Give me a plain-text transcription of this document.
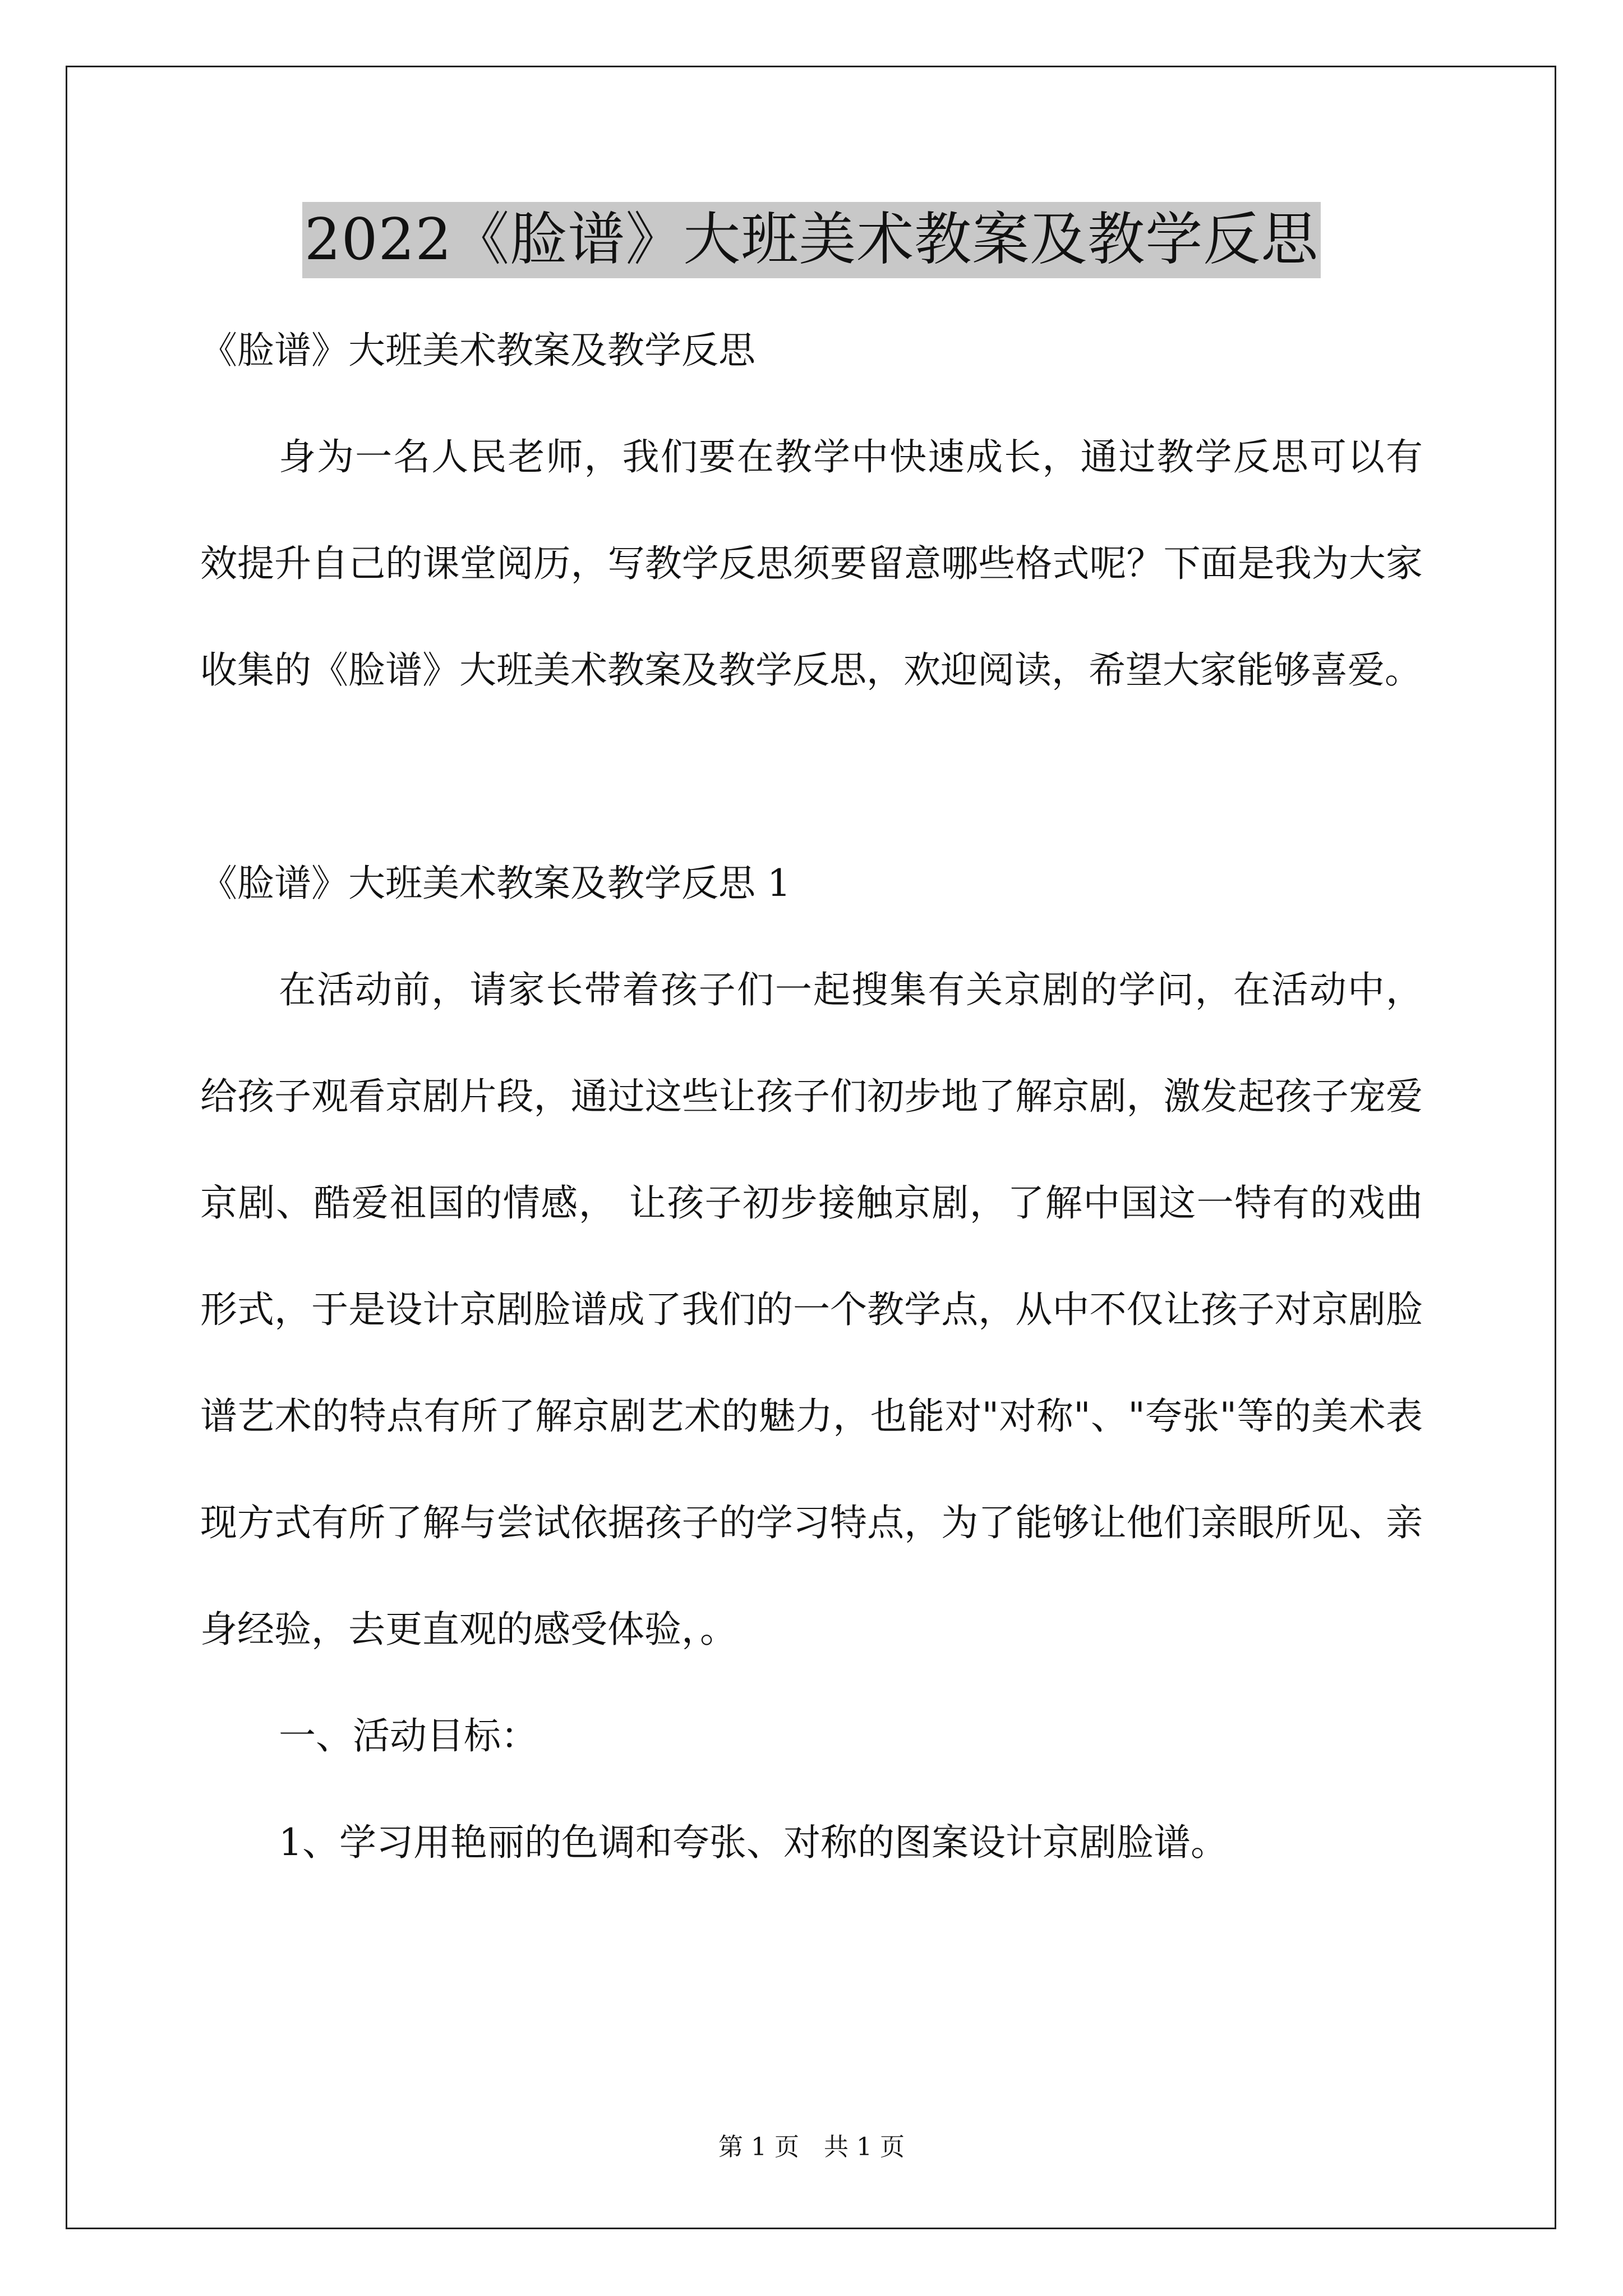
2022《脸谱》大班美术教案及教学反思

《脸谱》大班美术教案及教学反思

身为一名人民老师，我们要在教学中快速成长，通过教学反思可以有效提升自己的课堂阅历，写教学反思须要留意哪些格式呢？下面是我为大家收集的《脸谱》大班美术教案及教学反思，欢迎阅读，希望大家能够喜爱。

《脸谱》大班美术教案及教学反思 1

在活动前，请家长带着孩子们一起搜集有关京剧的学问，在活动中，给孩子观看京剧片段，通过这些让孩子们初步地了解京剧，激发起孩子宠爱京剧、酷爱祖国的情感， 让孩子初步接触京剧，了解中国这一特有的戏曲形式，于是设计京剧脸谱成了我们的一个教学点，从中不仅让孩子对京剧脸谱艺术的特点有所了解京剧艺术的魅力，也能对"对称"、"夸张"等的美术表现方式有所了解与尝试依据孩子的学习特点，为了能够让他们亲眼所见、亲身经验，去更直观的感受体验，。

一、活动目标：

1、学习用艳丽的色调和夸张、对称的图案设计京剧脸谱。

第 1 页　共 1 页
